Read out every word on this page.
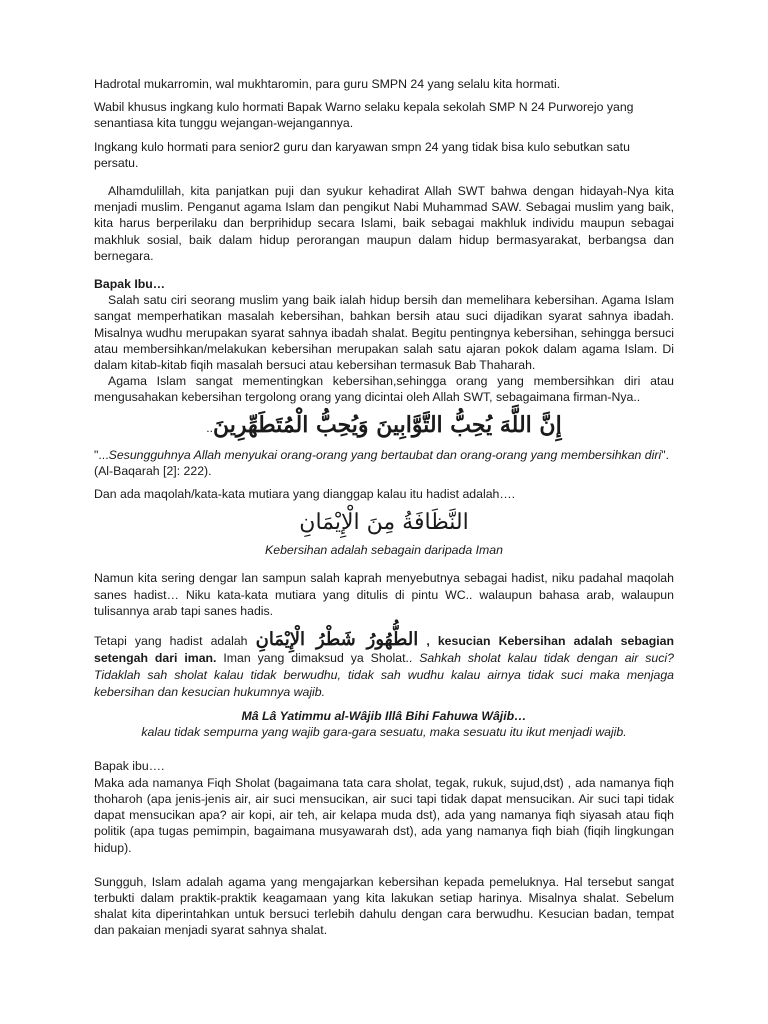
Hadrotal mukarromin, wal mukhtaromin, para guru SMPN 24 yang selalu kita hormati.

Wabil khusus ingkang kulo hormati Bapak Warno selaku kepala sekolah SMP N 24 Purworejo yang senantiasa kita tunggu wejangan-wejangannya.

Ingkang kulo hormati para senior2 guru dan karyawan smpn 24 yang tidak bisa kulo sebutkan satu persatu.

Alhamdulillah, kita panjatkan puji dan syukur kehadirat Allah SWT bahwa dengan hidayah-Nya kita menjadi muslim. Penganut agama Islam dan pengikut Nabi Muhammad SAW. Sebagai muslim yang baik, kita harus berperilaku dan berprihidup secara Islami, baik sebagai makhluk individu maupun sebagai makhluk sosial, baik dalam hidup perorangan maupun dalam hidup bermasyarakat, berbangsa dan bernegara.

Bapak Ibu…

Salah satu ciri seorang muslim yang baik ialah hidup bersih dan memelihara kebersihan. Agama Islam sangat memperhatikan masalah kebersihan, bahkan bersih atau suci dijadikan syarat sahnya ibadah. Misalnya wudhu merupakan syarat sahnya ibadah shalat. Begitu pentingnya kebersihan, sehingga bersuci atau membersihkan/melakukan kebersihan merupakan salah satu ajaran pokok dalam agama Islam. Di dalam kitab-kitab fiqih masalah bersuci atau kebersihan termasuk Bab Thaharah.

Agama Islam sangat mementingkan kebersihan,sehingga orang yang membersihkan diri atau mengusahakan kebersihan tergolong orang yang dicintai oleh Allah SWT, sebagaimana firman-Nya..

..إِنَّ اللَّهَ يُحِبُّ التَّوَّابِينَ وَيُحِبُّ الْمُتَطَهِّرِينَ

"...Sesungguhnya Allah menyukai orang-orang yang bertaubat dan orang-orang yang membersihkan diri". (Al-Baqarah [2]: 222).

Dan ada maqolah/kata-kata mutiara yang dianggap kalau itu hadist adalah….

النَّظَافَةُ مِنَ الْإِيْمَانِ

Kebersihan adalah sebagain daripada Iman

Namun kita sering dengar lan sampun salah kaprah menyebutnya sebagai hadist, niku padahal maqolah sanes hadist… Niku kata-kata mutiara yang ditulis di pintu WC.. walaupun bahasa arab, walaupun tulisannya arab tapi sanes hadis.

Tetapi yang hadist adalah الطُّهُورُ شَطْرُ الْإِيْمَانِ , kesucian Kebersihan adalah sebagian setengah dari iman. Iman yang dimaksud ya Sholat.. Sahkah sholat kalau tidak dengan air suci? Tidaklah sah sholat kalau tidak berwudhu, tidak sah wudhu kalau airnya tidak suci maka menjaga kebersihan dan kesucian hukumnya wajib.

Mâ Lâ Yatimmu al-Wâjib Illâ Bihi Fahuwa Wâjib…

kalau tidak sempurna yang wajib gara-gara sesuatu, maka sesuatu itu ikut menjadi wajib.

Bapak ibu….

Maka ada namanya Fiqh Sholat (bagaimana tata cara sholat, tegak, rukuk, sujud,dst) , ada namanya fiqh thoharoh (apa jenis-jenis air, air suci mensucikan, air suci tapi tidak dapat mensucikan. Air suci tapi tidak dapat mensucikan apa? air kopi, air teh, air kelapa muda dst), ada yang namanya fiqh siyasah atau fiqh politik (apa tugas pemimpin, bagaimana musyawarah dst), ada yang namanya fiqh biah (fiqih lingkungan hidup).

Sungguh, Islam adalah agama yang mengajarkan kebersihan kepada pemeluknya. Hal tersebut sangat terbukti dalam praktik-praktik keagamaan yang kita lakukan setiap harinya. Misalnya shalat. Sebelum shalat kita diperintahkan untuk bersuci terlebih dahulu dengan cara berwudhu. Kesucian badan, tempat dan pakaian menjadi syarat sahnya shalat.
